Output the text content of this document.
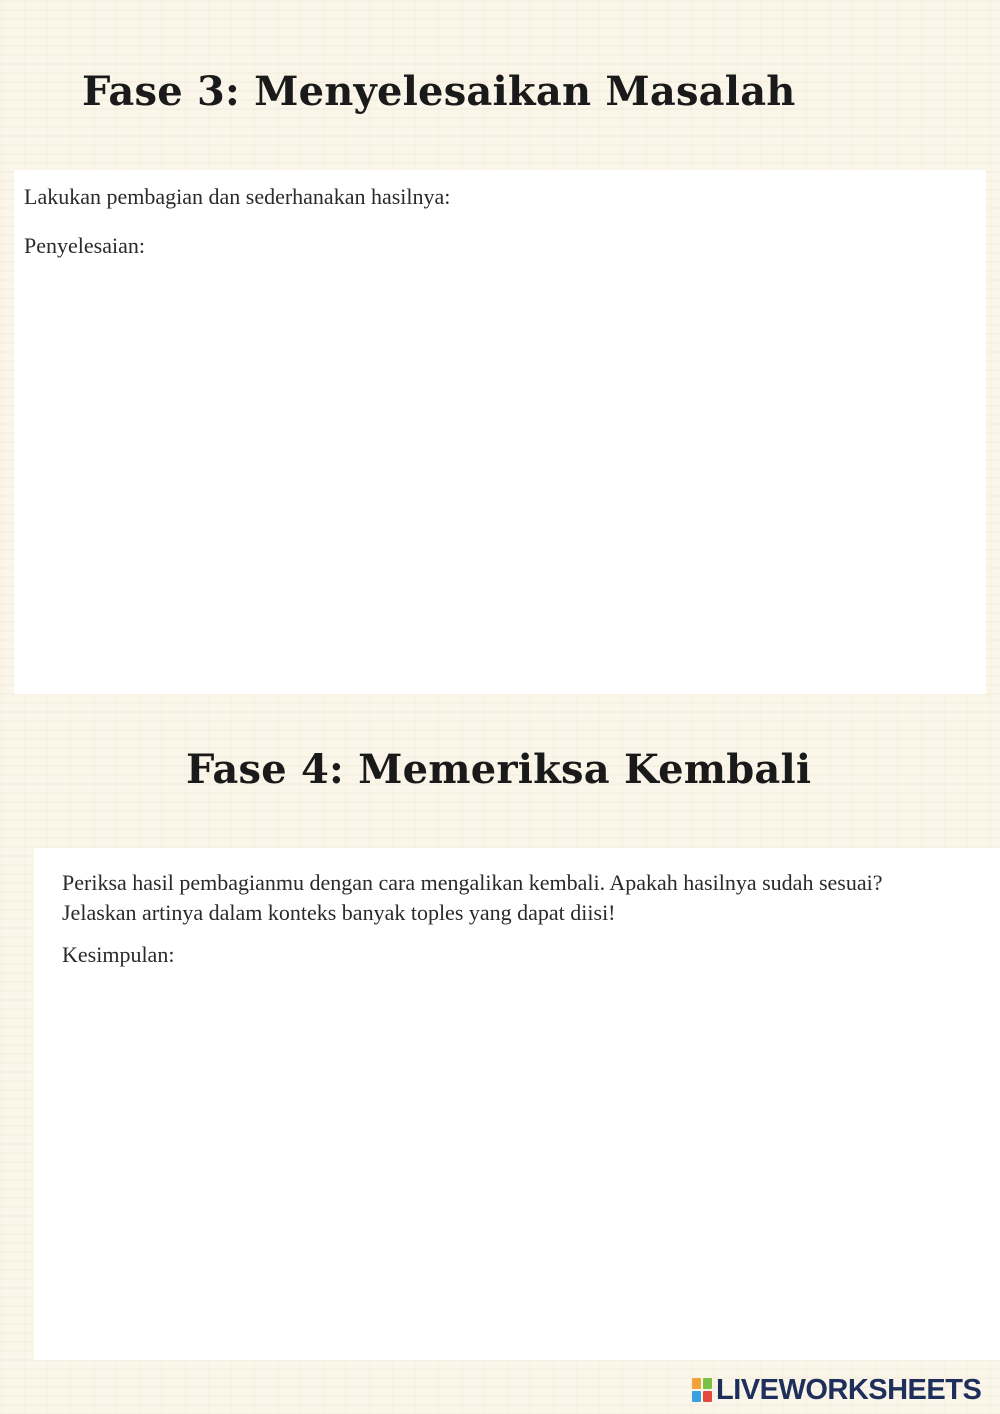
Fase 3: Menyelesaikan Masalah

Lakukan pembagian dan sederhanakan hasilnya:

Penyelesaian:

Fase 4: Memeriksa Kembali

Periksa hasil pembagianmu dengan cara mengalikan kembali. Apakah hasilnya sudah sesuai? Jelaskan artinya dalam konteks banyak toples yang dapat diisi!

Kesimpulan:

LIVEWORKSHEETS
